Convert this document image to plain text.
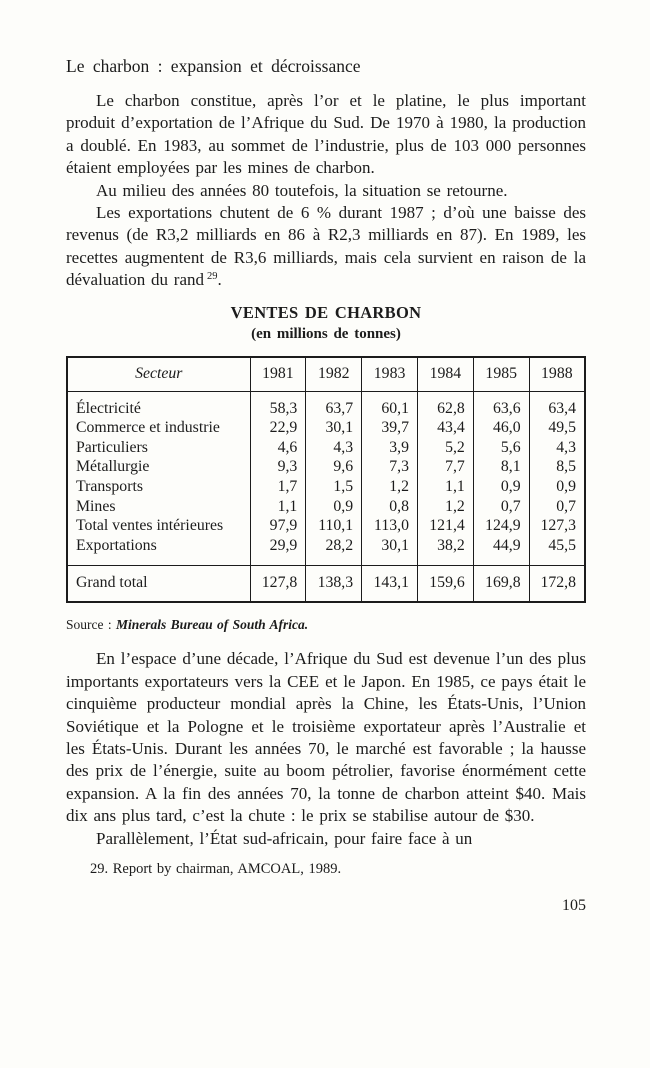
Le charbon : expansion et décroissance

Le charbon constitue, après l’or et le platine, le plus important produit d’exportation de l’Afrique du Sud. De 1970 à 1980, la production a doublé. En 1983, au sommet de l’industrie, plus de 103 000 personnes étaient employées par les mines de charbon.

Au milieu des années 80 toutefois, la situation se retourne.

Les exportations chutent de 6 % durant 1987 ; d’où une baisse des revenus (de R3,2 milliards en 86 à R2,3 milliards en 87). En 1989, les recettes augmentent de R3,6 milliards, mais cela survient en raison de la dévaluation du rand $^{29}$.

VENTES DE CHARBON
(en millions de tonnes)
Secteur	1981	1982	1983	1984	1985	1988
Électricité	58,3	63,7	60,1	62,8	63,6	63,4
Commerce et industrie	22,9	30,1	39,7	43,4	46,0	49,5
Particuliers	4,6	4,3	3,9	5,2	5,6	4,3
Métallurgie	9,3	9,6	7,3	7,7	8,1	8,5
Transports	1,7	1,5	1,2	1,1	0,9	0,9
Mines	1,1	0,9	0,8	1,2	0,7	0,7
Total ventes intérieures	97,9	110,1	113,0	121,4	124,9	127,3
Exportations	29,9	28,2	30,1	38,2	44,9	45,5
Grand total	127,8	138,3	143,1	159,6	169,8	172,8

Source : Minerals Bureau of South Africa.

En l’espace d’une décade, l’Afrique du Sud est devenue l’un des plus importants exportateurs vers la CEE et le Japon. En 1985, ce pays était le cinquième producteur mondial après la Chine, les États-Unis, l’Union Soviétique et la Pologne et le troisième exportateur après l’Australie et les États-Unis. Durant les années 70, le marché est favorable ; la hausse des prix de l’énergie, suite au boom pétrolier, favorise énormément cette expansion. A la fin des années 70, la tonne de charbon atteint $40. Mais dix ans plus tard, c’est la chute : le prix se stabilise autour de $30.

Parallèlement, l’État sud-africain, pour faire face à un

29. Report by chairman, AMCOAL, 1989.

105
